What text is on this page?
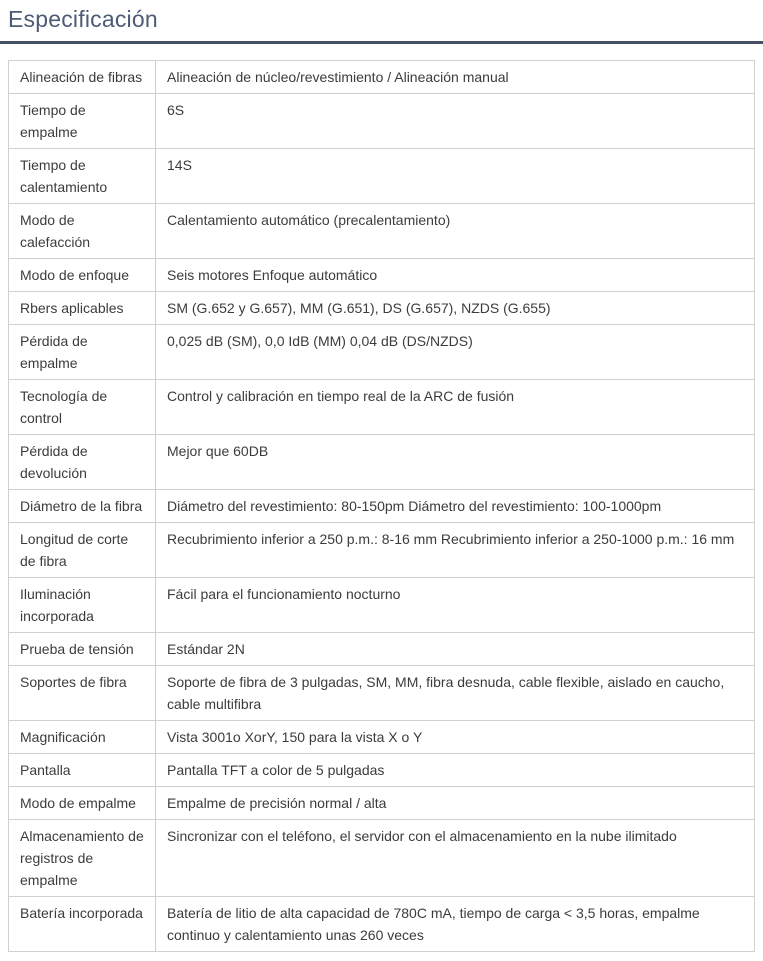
Especificación
Alineación de fibras	Alineación de núcleo/revestimiento / Alineación manual
Tiempo de empalme	6S
Tiempo de calentamiento	14S
Modo de calefacción	Calentamiento automático (precalentamiento)
Modo de enfoque	Seis motores Enfoque automático
Rbers aplicables	SM (G.652 y G.657), MM (G.651), DS (G.657), NZDS (G.655)
Pérdida de empalme	0,025 dB (SM), 0,0 IdB (MM) 0,04 dB (DS/NZDS)
Tecnología de control	Control y calibración en tiempo real de la ARC de fusión
Pérdida de devolución	Mejor que 60DB
Diámetro de la fibra	Diámetro del revestimiento: 80-150pm Diámetro del revestimiento: 100-1000pm
Longitud de corte de fibra	Recubrimiento inferior a 250 p.m.: 8-16 mm Recubrimiento inferior a 250-1000 p.m.: 16 mm
Iluminación incorporada	Fácil para el funcionamiento nocturno
Prueba de tensión	Estándar 2N
Soportes de fibra	Soporte de fibra de 3 pulgadas, SM, MM, fibra desnuda, cable flexible, aislado en caucho, cable multifibra
Magnificación	Vista 3001o XorY, 150 para la vista X o Y
Pantalla	Pantalla TFT a color de 5 pulgadas
Modo de empalme	Empalme de precisión normal / alta
Almacenamiento de registros de empalme	Sincronizar con el teléfono, el servidor con el almacenamiento en la nube ilimitado
Batería incorporada	Batería de litio de alta capacidad de 780C mA, tiempo de carga < 3,5 horas, empalme continuo y calentamiento unas 260 veces
